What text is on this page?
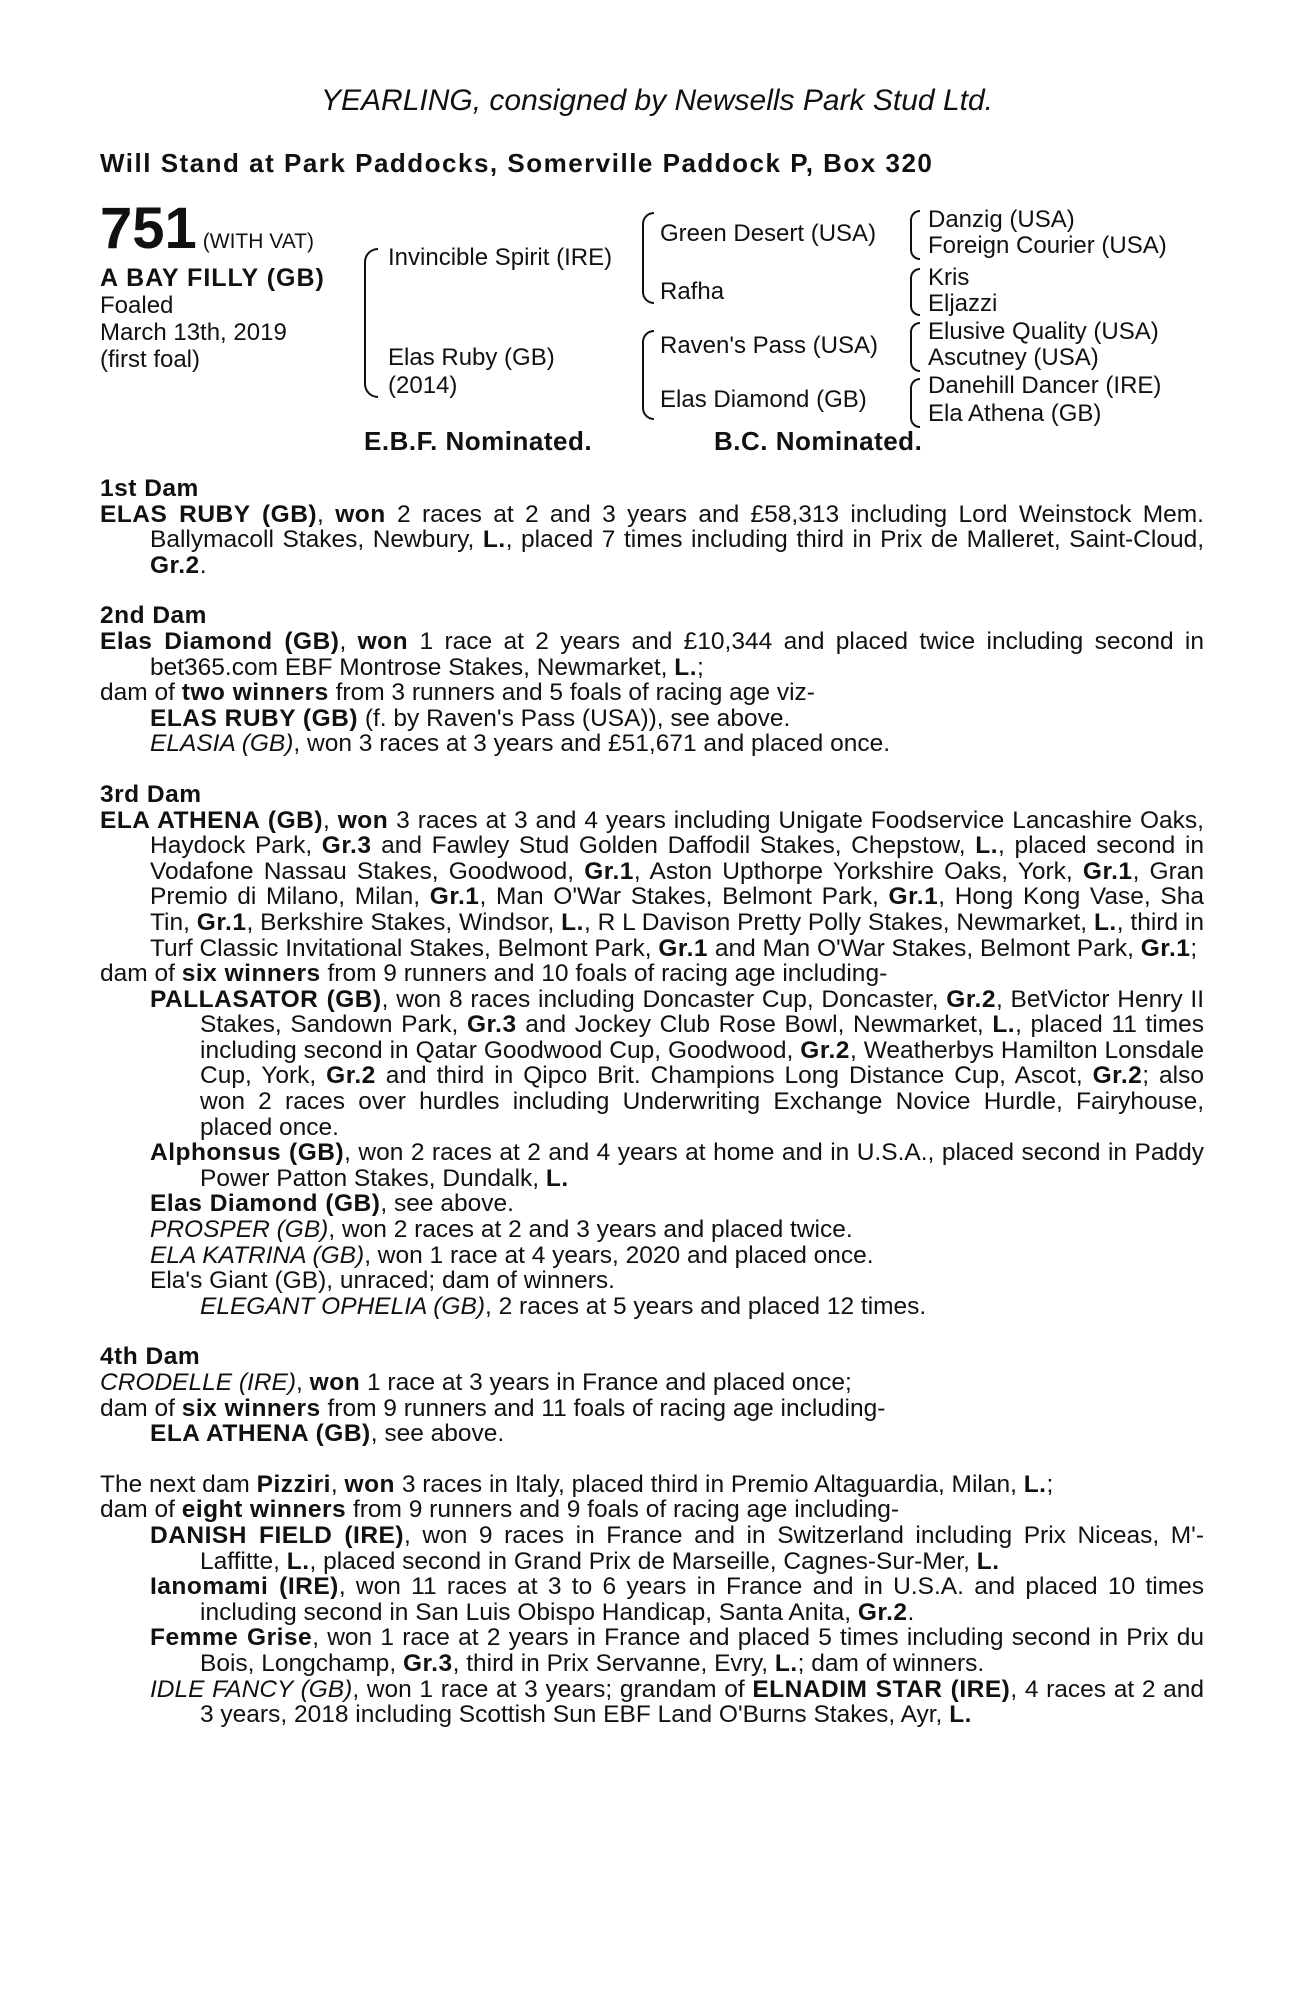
YEARLING, consigned by Newsells Park Stud Ltd.
Will Stand at Park Paddocks, Somerville Paddock P, Box 320
751 (WITH VAT)
A BAY FILLY (GB)
Foaled
March 13th, 2019
(first foal)
Invincible Spirit (IRE)
Elas Ruby (GB)
(2014)
Green Desert (USA)
Rafha
Raven's Pass (USA)
Elas Diamond (GB)
Danzig (USA)
Foreign Courier (USA)
Kris
Eljazzi
Elusive Quality (USA)
Ascutney (USA)
Danehill Dancer (IRE)
Ela Athena (GB)
E.B.F. Nominated.	B.C. Nominated.
1st Dam
ELAS RUBY (GB), won 2 races at 2 and 3 years and £58,313 including Lord Weinstock Mem. Ballymacoll Stakes, Newbury, L., placed 7 times including third in Prix de Malleret, Saint-Cloud, Gr.2.
2nd Dam
Elas Diamond (GB), won 1 race at 2 years and £10,344 and placed twice including second in bet365.com EBF Montrose Stakes, Newmarket, L.;
dam of two winners from 3 runners and 5 foals of racing age viz-
ELAS RUBY (GB) (f. by Raven's Pass (USA)), see above.
ELASIA (GB), won 3 races at 3 years and £51,671 and placed once.
3rd Dam
ELA ATHENA (GB), won 3 races at 3 and 4 years including Unigate Foodservice Lancashire Oaks, Haydock Park, Gr.3 and Fawley Stud Golden Daffodil Stakes, Chepstow, L., placed second in Vodafone Nassau Stakes, Goodwood, Gr.1, Aston Upthorpe Yorkshire Oaks, York, Gr.1, Gran Premio di Milano, Milan, Gr.1, Man O'War Stakes, Belmont Park, Gr.1, Hong Kong Vase, Sha Tin, Gr.1, Berkshire Stakes, Windsor, L., R L Davison Pretty Polly Stakes, Newmarket, L., third in Turf Classic Invitational Stakes, Belmont Park, Gr.1 and Man O'War Stakes, Belmont Park, Gr.1;
dam of six winners from 9 runners and 10 foals of racing age including-
PALLASATOR (GB), won 8 races including Doncaster Cup, Doncaster, Gr.2, BetVictor Henry II Stakes, Sandown Park, Gr.3 and Jockey Club Rose Bowl, Newmarket, L., placed 11 times including second in Qatar Goodwood Cup, Goodwood, Gr.2, Weatherbys Hamilton Lonsdale Cup, York, Gr.2 and third in Qipco Brit. Champions Long Distance Cup, Ascot, Gr.2; also won 2 races over hurdles including Underwriting Exchange Novice Hurdle, Fairyhouse, placed once.
Alphonsus (GB), won 2 races at 2 and 4 years at home and in U.S.A., placed second in Paddy Power Patton Stakes, Dundalk, L.
Elas Diamond (GB), see above.
PROSPER (GB), won 2 races at 2 and 3 years and placed twice.
ELA KATRINA (GB), won 1 race at 4 years, 2020 and placed once.
Ela's Giant (GB), unraced; dam of winners.
ELEGANT OPHELIA (GB), 2 races at 5 years and placed 12 times.
4th Dam
CRODELLE (IRE), won 1 race at 3 years in France and placed once;
dam of six winners from 9 runners and 11 foals of racing age including-
ELA ATHENA (GB), see above.
The next dam Pizziri, won 3 races in Italy, placed third in Premio Altaguardia, Milan, L.;
dam of eight winners from 9 runners and 9 foals of racing age including-
DANISH FIELD (IRE), won 9 races in France and in Switzerland including Prix Niceas, M'-Laffitte, L., placed second in Grand Prix de Marseille, Cagnes-Sur-Mer, L.
Ianomami (IRE), won 11 races at 3 to 6 years in France and in U.S.A. and placed 10 times including second in San Luis Obispo Handicap, Santa Anita, Gr.2.
Femme Grise, won 1 race at 2 years in France and placed 5 times including second in Prix du Bois, Longchamp, Gr.3, third in Prix Servanne, Evry, L.; dam of winners.
IDLE FANCY (GB), won 1 race at 3 years; grandam of ELNADIM STAR (IRE), 4 races at 2 and 3 years, 2018 including Scottish Sun EBF Land O'Burns Stakes, Ayr, L.
